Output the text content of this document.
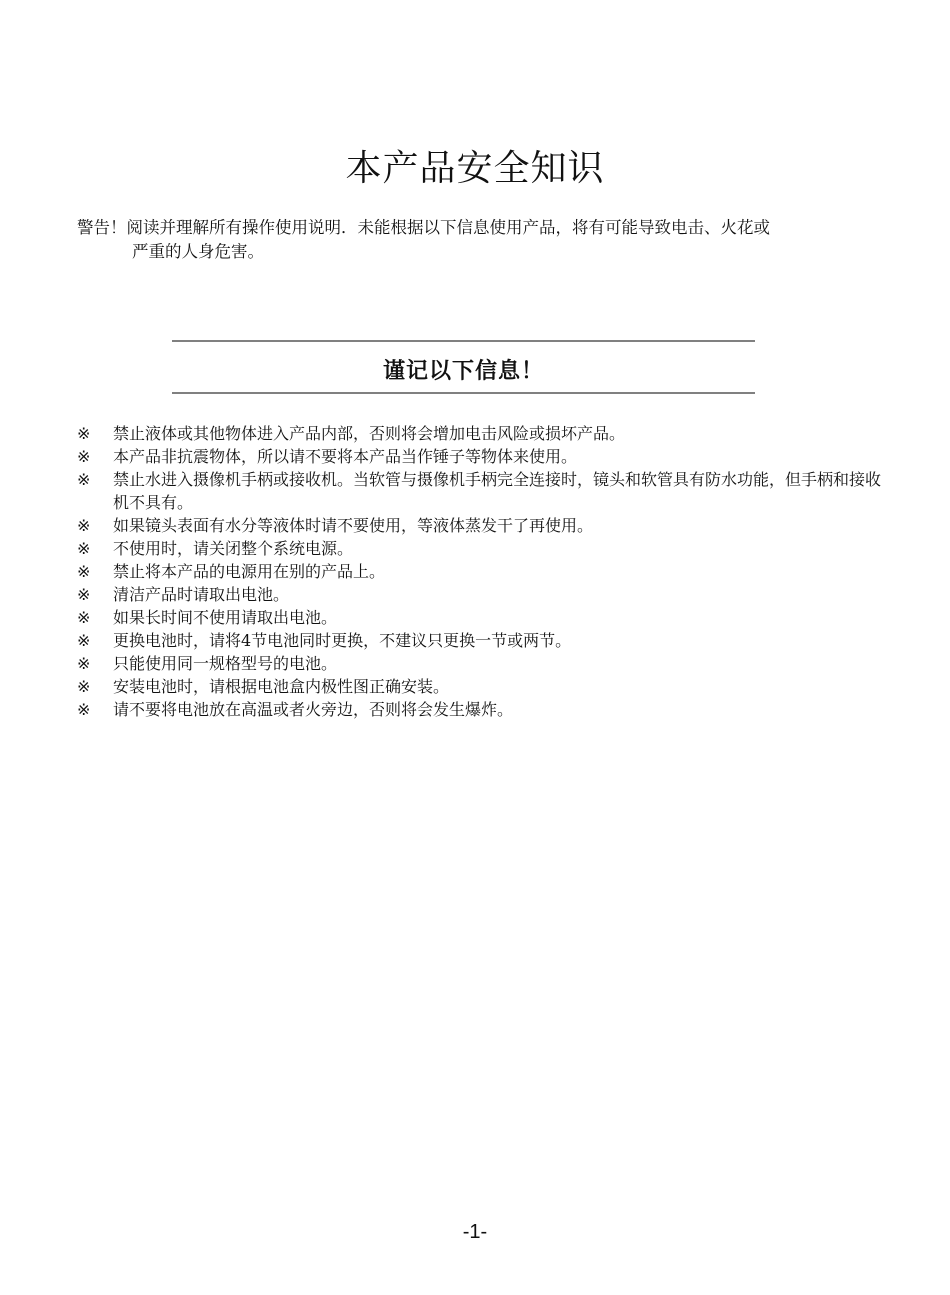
本产品安全知识

警告！阅读并理解所有操作使用说明．未能根据以下信息使用产品，将有可能导致电击、火花或
严重的人身危害。

谨记以下信息！
※	禁止液体或其他物体进入产品内部，否则将会增加电击风险或损坏产品。
※	本产品非抗震物体，所以请不要将本产品当作锤子等物体来使用。
※	禁止水进入摄像机手柄或接收机。当软管与摄像机手柄完全连接时，镜头和软管具有防水功能，但手柄和接收机不具有。
※	如果镜头表面有水分等液体时请不要使用，等液体蒸发干了再使用。
※	不使用时，请关闭整个系统电源。
※	禁止将本产品的电源用在别的产品上。
※	清洁产品时请取出电池。
※	如果长时间不使用请取出电池。
※	更换电池时，请将4节电池同时更换，不建议只更换一节或两节。
※	只能使用同一规格型号的电池。
※	安装电池时，请根据电池盒内极性图正确安装。
※	请不要将电池放在高温或者火旁边，否则将会发生爆炸。
-1-
